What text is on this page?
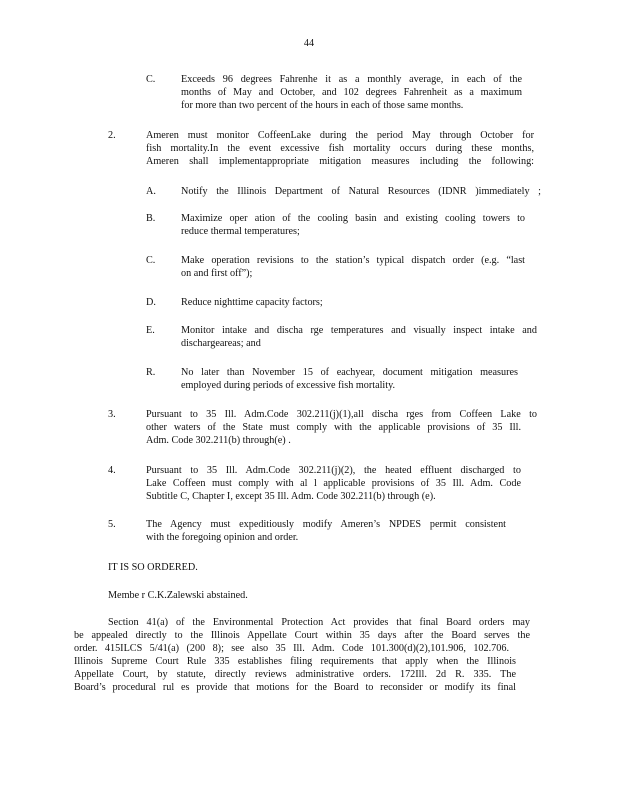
44
C.	Exceeds 96 degrees Fahrenhe it as a monthly average, in each of the
months of May and October, and 102 degrees Fahrenheit as a maximum
for more than two percent of the hours in each of those same months.
2.	Ameren must monitor CoffeenLake during the period May through October for
fish mortality.In the event excessive fish mortality occurs during these months,
Ameren shall implementappropriate mitigation measures including the following:
A. Notify the Illinois Department of Natural Resources (IDNR )immediately ;
B.	Maximize oper ation of the cooling basin and existing cooling towers to
reduce thermal temperatures;
C.	Make operation revisions to the station’s typical dispatch order (e.g. “last
on and first off”);
D. Reduce nighttime capacity factors;
E.	Monitor intake and discha rge temperatures and visually inspect intake and
dischargeareas; and
R.	No later than November 15 of eachyear, document mitigation measures
employed during periods of excessive fish mortality.
3.	Pursuant to 35 Ill. Adm.Code 302.211(j)(1),all discha rges from Coffeen Lake to
other waters of the State must comply with the applicable provisions of 35 Ill.
Adm. Code 302.211(b) through(e) .
4.	Pursuant to 35 Ill. Adm.Code 302.211(j)(2), the heated effluent discharged to
Lake Coffeen must comply with al l applicable provisions of 35 Ill. Adm. Code
Subtitle C, Chapter I, except 35 Ill. Adm. Code 302.211(b) through (e).
5.	The Agency must expeditiously modify Ameren’s NPDES permit consistent
with the foregoing opinion and order.
IT IS SO ORDERED.
Membe r C.K.Zalewski abstained.
Section 41(a) of the Environmental Protection Act provides that final Board orders may
be appealed directly to the Illinois Appellate Court within 35 days after the Board serves the
order. 415ILCS 5/41(a) (200 8); see also 35 Ill. Adm. Code 101.300(d)(2),101.906, 102.706.
Illinois Supreme Court Rule 335 establishes filing requirements that apply when the Illinois
Appellate Court, by statute, directly reviews administrative orders. 172Ill. 2d R. 335. The
Board’s procedural rul es provide that motions for the Board to reconsider or modify its final
